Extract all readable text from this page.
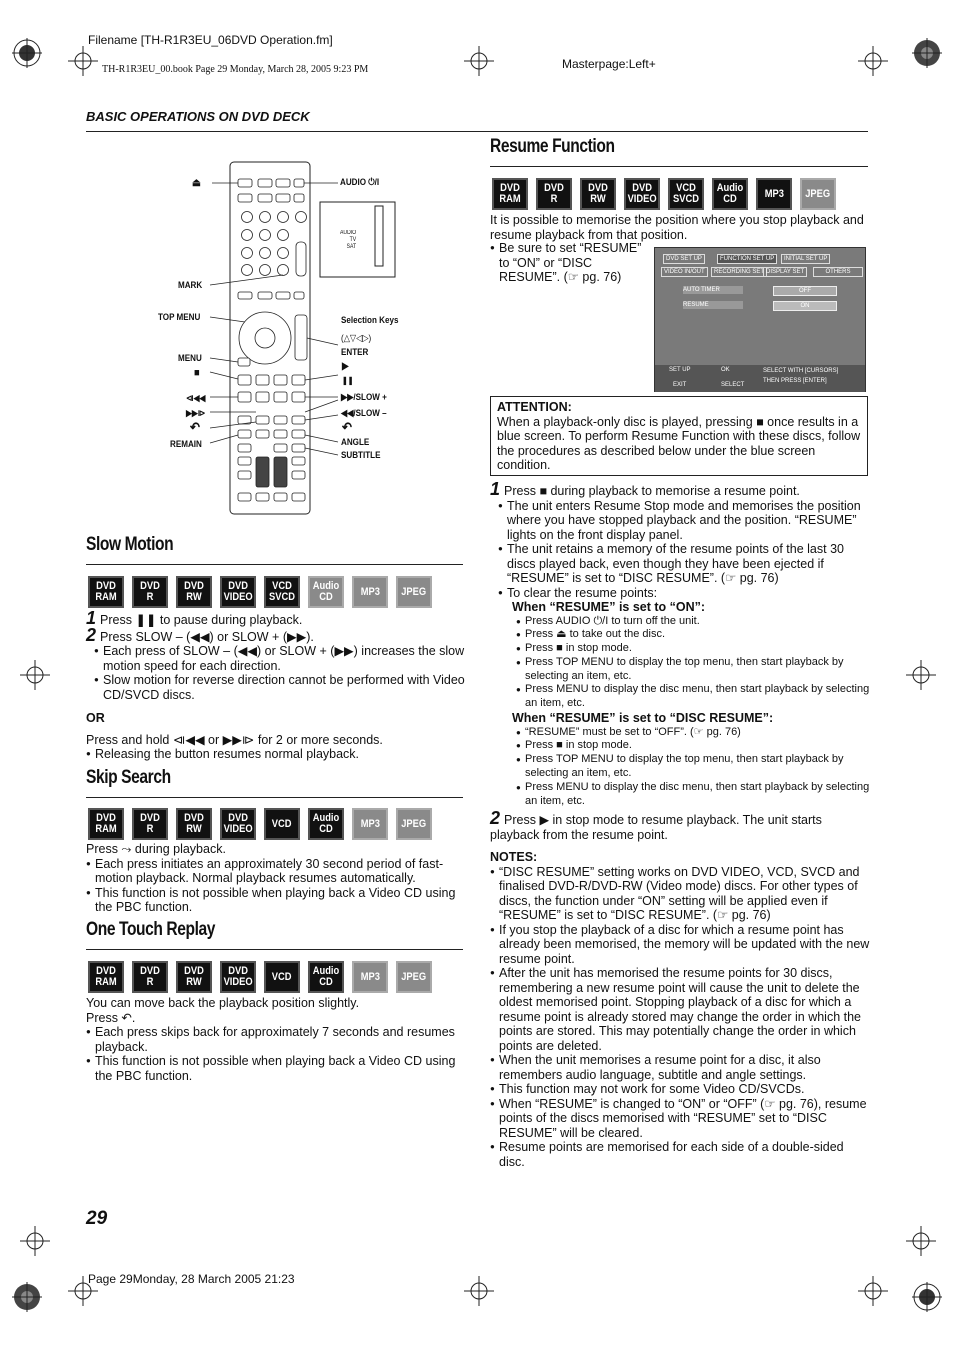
Filename [TH-R1R3EU_06DVD Operation.fm]
TH-R1R3EU_00.book Page 29 Monday, March 28, 2005 9:23 PM	Masterpage:Left+
BASIC OPERATIONS ON DVD DECK
⏏	AUDIO ⏻/I
MARK
TOP MENU	Selection Keys
(△▽◁▷)
ENTER
MENU
■
▶
❚❚
⧏◀◀
▶▶⧐
▶▶/SLOW +
◀◀/SLOW –
↶	↶
REMAIN	ANGLE
SUBTITLE
AUDIO
TV
SAT
Slow Motion
DVD RAM
DVD R
DVD RW
DVD VIDEO
VCD SVCD
Audio CD	MP3 JPEG

1 Press ❚❚ to pause during playback.

2 Press SLOW – (◀◀) or SLOW + (▶▶).

● Each press of SLOW – (◀◀) or SLOW + (▶▶) increases the slow motion speed for each direction.
● Slow motion for reverse direction cannot be performed with Video CD/SVCD discs.

OR

Press and hold ⧏◀◀ or ▶▶⧐ for 2 or more seconds.

● Releasing the button resumes normal playback.
Skip Search
DVD RAM
DVD R
DVD RW
DVD VIDEO VCD Audio CD	MP3 JPEG

Press ⤳ during playback.

● Each press initiates an approximately 30 second period of fast-motion playback. Normal playback resumes automatically.
● This function is not possible when playing back a Video CD using the PBC function.
One Touch Replay
DVD RAM
DVD R
DVD RW
DVD VIDEO VCD Audio CD	MP3 JPEG

You can move back the playback position slightly.

Press ↶.

● Each press skips back for approximately 7 seconds and resumes playback.
● This function is not possible when playing back a Video CD using the PBC function.
Resume Function
DVD RAM
DVD R
DVD RW
DVD VIDEO
VCD SVCD
Audio CD	MP3 JPEG
It is possible to memorise the position where you stop playback and resume playback from that position.
● Be sure to set “RESUME”

to “ON” or “DISC

RESUME”. (☞ pg. 76)

DVD SET UP	FUNCTION SET UP	INITIAL SET UP
VIDEO IN/OUT	RECORDING SET DISPLAY SET	OTHERS
AUTO TIMER	OFF
RESUME	ON
SET UP
EXIT
OK
SELECT
SELECT WITH [CURSORS]
THEN PRESS [ENTER]

ATTENTION:

When a playback-only disc is played, pressing ■ once results in a blue screen. To perform Resume Function with these discs, follow the procedures as described below under the blue screen condition.

1 Press ■ during playback to memorise a resume point.

● The unit enters Resume Stop mode and memorises the position where you have stopped playback and the position. “RESUME” lights on the front display panel.
● The unit retains a memory of the resume points of the last 30 discs played back, even though they have been ejected if “RESUME” is set to “DISC RESUME”. (☞ pg. 76)
● To clear the resume points:

When “RESUME” is set to “ON”:

● Press AUDIO ⏻/I to turn off the unit.
● Press ⏏ to take out the disc.
● Press ■ in stop mode.
● Press TOP MENU to display the top menu, then start playback by selecting an item, etc.
● Press MENU to display the disc menu, then start playback by selecting an item, etc.

When “RESUME” is set to “DISC RESUME”:

● “RESUME” must be set to “OFF”. (☞ pg. 76)
● Press ■ in stop mode.
● Press TOP MENU to display the top menu, then start playback by selecting an item, etc.
● Press MENU to display the disc menu, then start playback by selecting an item, etc.

2 Press ▶ in stop mode to resume playback. The unit starts playback from the resume point.

NOTES:

● “DISC RESUME” setting works on DVD VIDEO, VCD, SVCD and finalised DVD-R/DVD-RW (Video mode) discs. For other types of discs, the function under “ON” setting will be applied even if “RESUME” is set to “DISC RESUME”. (☞ pg. 76)
● If you stop the playback of a disc for which a resume point has already been memorised, the memory will be updated with the new resume point.
● After the unit has memorised the resume points for 30 discs, remembering a new resume point will cause the unit to delete the oldest memorised point. Stopping playback of a disc for which a resume point is already stored may change the order in which the points are stored. This may potentially change the order in which points are deleted.
● When the unit memorises a resume point for a disc, it also remembers audio language, subtitle and angle settings.
● This function may not work for some Video CD/SVCDs.
● When “RESUME” is changed to “ON” or “OFF” (☞ pg. 76), resume points of the discs memorised with “RESUME” set to “DISC RESUME” will be cleared.
● Resume points are memorised for each side of a double-sided disc.
29
Page 29Monday, 28 March 2005 21:23
